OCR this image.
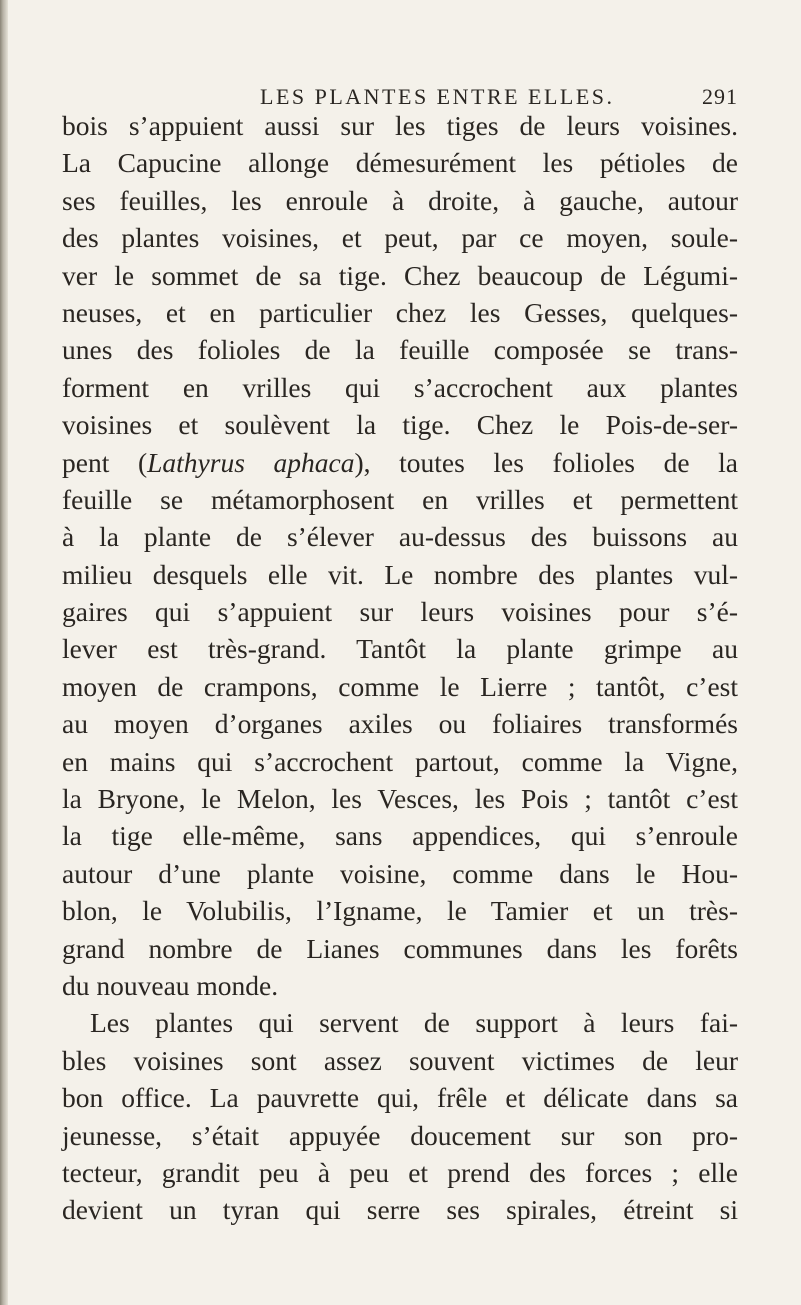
LES PLANTES ENTRE ELLES.	291
bois s’appuient aussi sur les tiges de leurs voisines.
La Capucine allonge démesurément les pétioles de
ses feuilles, les enroule à droite, à gauche, autour
des plantes voisines, et peut, par ce moyen, soule-
ver le sommet de sa tige. Chez beaucoup de Légumi-
neuses, et en particulier chez les Gesses, quelques-
unes des folioles de la feuille composée se trans-
forment en vrilles qui s’accrochent aux plantes
voisines et soulèvent la tige. Chez le Pois-de-ser-
pent (Lathyrus aphaca), toutes les folioles de la
feuille se métamorphosent en vrilles et permettent
à la plante de s’élever au-dessus des buissons au
milieu desquels elle vit. Le nombre des plantes vul-
gaires qui s’appuient sur leurs voisines pour s’é-
lever est très-grand. Tantôt la plante grimpe au
moyen de crampons, comme le Lierre ; tantôt, c’est
au moyen d’organes axiles ou foliaires transformés
en mains qui s’accrochent partout, comme la Vigne,
la Bryone, le Melon, les Vesces, les Pois ; tantôt c’est
la tige elle-même, sans appendices, qui s’enroule
autour d’une plante voisine, comme dans le Hou-
blon, le Volubilis, l’Igname, le Tamier et un très-
grand nombre de Lianes communes dans les forêts
du nouveau monde.
Les plantes qui servent de support à leurs fai-
bles voisines sont assez souvent victimes de leur
bon office. La pauvrette qui, frêle et délicate dans sa
jeunesse, s’était appuyée doucement sur son pro-
tecteur, grandit peu à peu et prend des forces ; elle
devient un tyran qui serre ses spirales, étreint si
